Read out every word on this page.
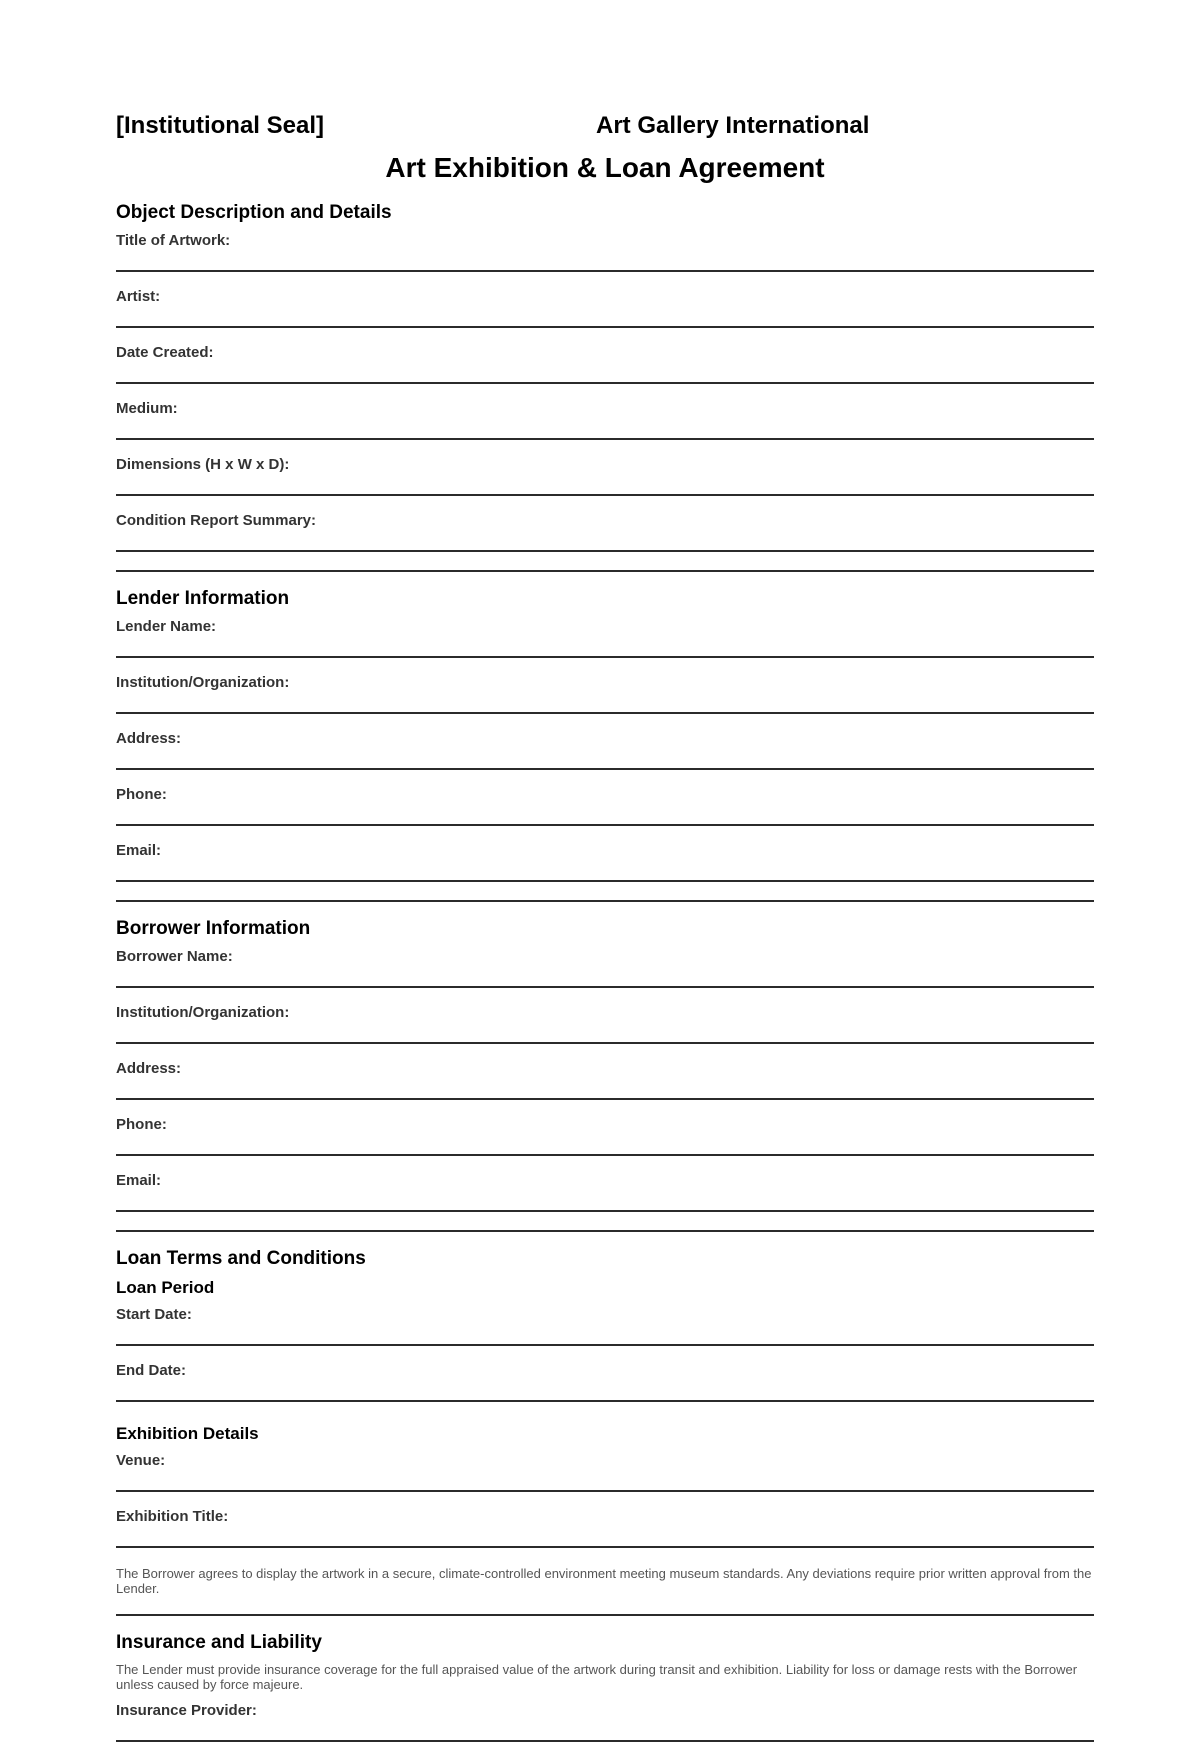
[Institutional Seal]	Art Gallery International
Art Exhibition & Loan Agreement
Object Description and Details
Title of Artwork:
Artist:
Date Created:
Medium:
Dimensions (H x W x D):
Condition Report Summary:
Lender Information
Lender Name:
Institution/Organization:
Address:
Phone:
Email:
Borrower Information
Borrower Name:
Institution/Organization:
Address:
Phone:
Email:
Loan Terms and Conditions
Loan Period
Start Date:
End Date:
Exhibition Details
Venue:
Exhibition Title:
The Borrower agrees to display the artwork in a secure, climate-controlled environment meeting museum standards. Any deviations require prior written approval from the Lender.
Insurance and Liability
The Lender must provide insurance coverage for the full appraised value of the artwork during transit and exhibition. Liability for loss or damage rests with the Borrower unless caused by force majeure.
Insurance Provider:
